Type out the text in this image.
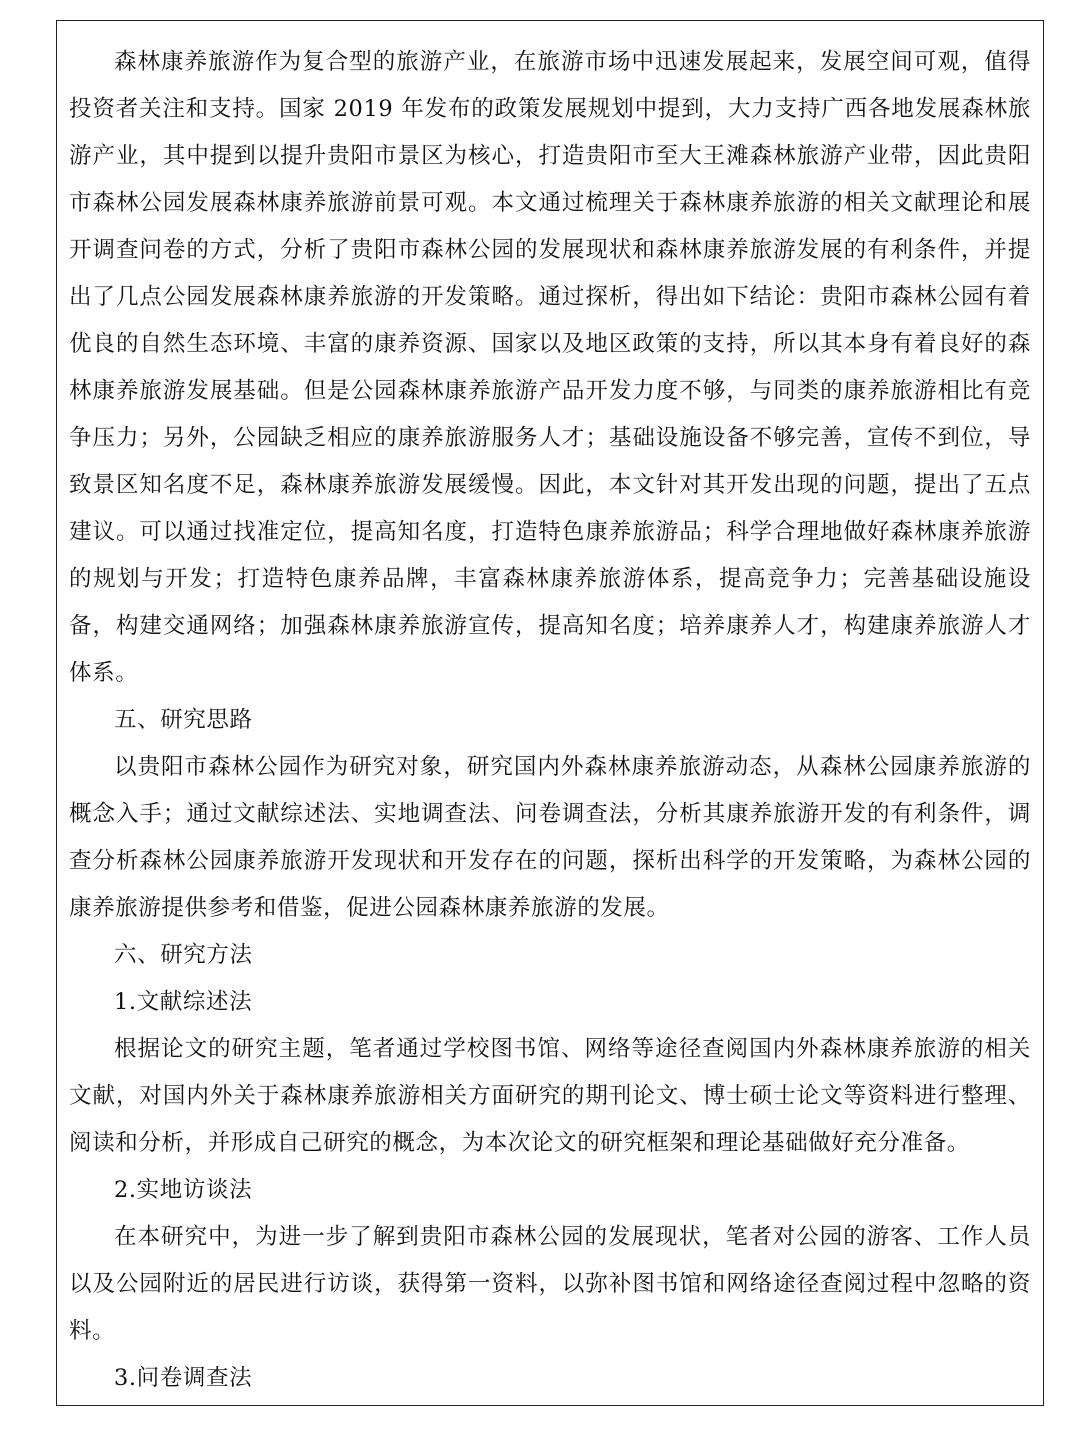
森林康养旅游作为复合型的旅游产业，在旅游市场中迅速发展起来，发展空间可观，值得投资者关注和支持。国家 2019 年发布的政策发展规划中提到，大力支持广西各地发展森林旅游产业，其中提到以提升贵阳市景区为核心，打造贵阳市至大王滩森林旅游产业带，因此贵阳市森林公园发展森林康养旅游前景可观。本文通过梳理关于森林康养旅游的相关文献理论和展开调查问卷的方式，分析了贵阳市森林公园的发展现状和森林康养旅游发展的有利条件，并提出了几点公园发展森林康养旅游的开发策略。通过探析，得出如下结论：贵阳市森林公园有着优良的自然生态环境、丰富的康养资源、国家以及地区政策的支持，所以其本身有着良好的森林康养旅游发展基础。但是公园森林康养旅游产品开发力度不够，与同类的康养旅游相比有竞争压力；另外，公园缺乏相应的康养旅游服务人才；基础设施设备不够完善，宣传不到位，导致景区知名度不足，森林康养旅游发展缓慢。因此，本文针对其开发出现的问题，提出了五点建议。可以通过找准定位，提高知名度，打造特色康养旅游品；科学合理地做好森林康养旅游的规划与开发；打造特色康养品牌，丰富森林康养旅游体系，提高竞争力；完善基础设施设备，构建交通网络；加强森林康养旅游宣传，提高知名度；培养康养人才，构建康养旅游人才体系。

五、研究思路

以贵阳市森林公园作为研究对象，研究国内外森林康养旅游动态，从森林公园康养旅游的概念入手；通过文献综述法、实地调查法、问卷调查法，分析其康养旅游开发的有利条件，调查分析森林公园康养旅游开发现状和开发存在的问题，探析出科学的开发策略，为森林公园的康养旅游提供参考和借鉴，促进公园森林康养旅游的发展。

六、研究方法

1.文献综述法

根据论文的研究主题，笔者通过学校图书馆、网络等途径查阅国内外森林康养旅游的相关文献，对国内外关于森林康养旅游相关方面研究的期刊论文、博士硕士论文等资料进行整理、阅读和分析，并形成自己研究的概念，为本次论文的研究框架和理论基础做好充分准备。

2.实地访谈法

在本研究中，为进一步了解到贵阳市森林公园的发展现状，笔者对公园的游客、工作人员以及公园附近的居民进行访谈，获得第一资料，以弥补图书馆和网络途径查阅过程中忽略的资料。

3.问卷调查法
